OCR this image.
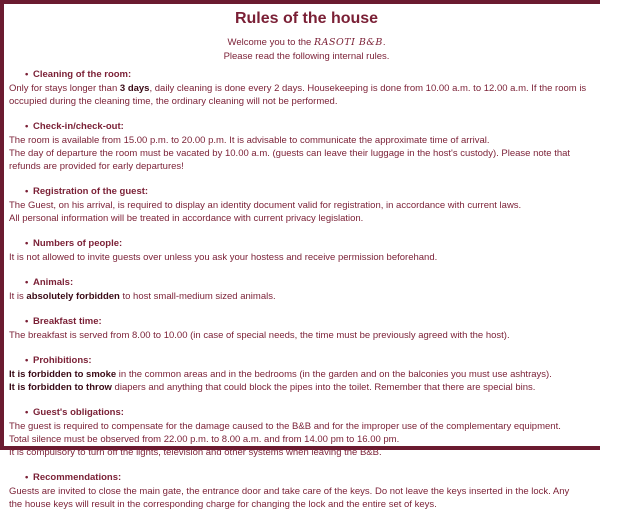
Rules of the house
Welcome you to the RASOTI B&B.
Please read the following internal rules.

• Cleaning of the room:

Only for stays longer than 3 days, daily cleaning is done every 2 days. Housekeeping is done from 10.00 a.m. to 12.00 a.m. If the room is

occupied during the cleaning time, the ordinary cleaning will not be performed.

• Check-in/check-out:

The room is available from 15.00 p.m. to 20.00 p.m. It is advisable to communicate the approximate time of arrival.

The day of departure the room must be vacated by 10.00 a.m. (guests can leave their luggage in the host's custody). Please note that

refunds are provided for early departures!

• Registration of the guest:

The Guest, on his arrival, is required to display an identity document valid for registration, in accordance with current laws.

All personal information will be treated in accordance with current privacy legislation.

• Numbers of people:

It is not allowed to invite guests over unless you ask your hostess and receive permission beforehand.

• Animals:

It is absolutely forbidden to host small-medium sized animals.

• Breakfast time:

The breakfast is served from 8.00 to 10.00 (in case of special needs, the time must be previously agreed with the host).

• Prohibitions:

It is forbidden to smoke in the common areas and in the bedrooms (in the garden and on the balconies you must use ashtrays).

It is forbidden to throw diapers and anything that could block the pipes into the toilet. Remember that there are special bins.

• Guest's obligations:

The guest is required to compensate for the damage caused to the B&B and for the improper use of the complementary equipment.

Total silence must be observed from 22.00 p.m. to 8.00 a.m. and from 14.00 pm to 16.00 pm.

It is compulsory to turn off the lights, television and other systems when leaving the B&B.

• Recommendations:

Guests are invited to close the main gate, the entrance door and take care of the keys. Do not leave the keys inserted in the lock. Any

the house keys will result in the corresponding charge for changing the lock and the entire set of keys.
